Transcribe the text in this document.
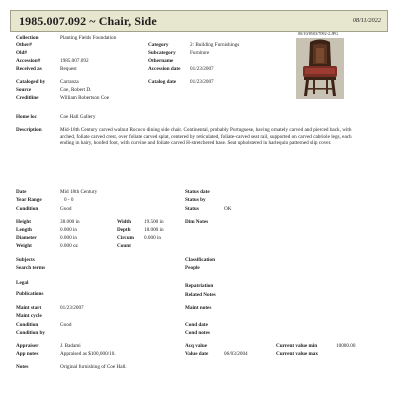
1985.007.092 ~ Chair, Side	08/11/2022
Collection	Planting Fields Foundation
Other#
Old#
Accession#	1985.007.092
Received as	Bequest
Cataloged by	Carranza
Source	Coe, Robert D.
Creditline	William Robertson Coe
Category	2: Building Furnishings
Subcategory	Furniture
Othername
Accession date 01/23/2007
Catalog date	01/23/2007
00/10/8503/7092-2.JPG
Home loc	Coe Hall Gallery
Description	Mid-18th Century carved walnut Rococo dining side chair. Continental, probably Portuguese, having ornately carved and pierced back, with arched, foliate carved crest, over foliate carved splat, centered by reticulated, foliate-carved seat rail, supported on carved cabriole legs, each ending in hairy, hoofed foot, with curvine and foliate carved H-stretchered base. Seat upholstered in harlequin patterned slip cover.
Date	Mid 18th Century
Year Range	0 - 0
Condition	Good
Status date
Status by
Status	OK
Height	38.000 in
Length	0.000 in
Diameter	0.000 in
Weight	0.000 oz
Width 19.500 in
Depth	18.000 in
Circum 0.000 in
Count
Dim Notes
Subjects
Search terms
Classification
People
Legal
Publications
Repatriation
Related Notes
Maint start	01/23/2007
Maint cycle
Maint notes
Condition	Good
Condition by
Cond date
Cond notes
Appraiser	J. Badami
App notes	Appraised as $100,000/10.
Acq value
Value date	06/03/2004
Current value min	10000.00
Current value max
Notes	Original furnishing of Coe Hall.
